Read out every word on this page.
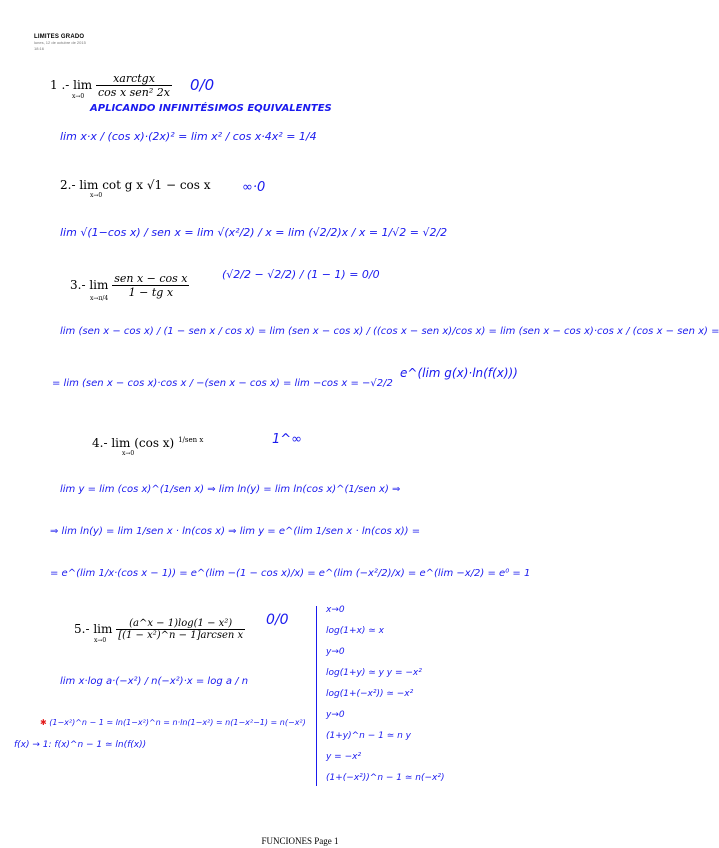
LIMITES GRADO
lunes, 12 de octubre de 2015
18:16
1 .- $\lim \frac{\text{xarctgx}}{\text{cos x sen² 2x}}$
x→0
0/0
APLICANDO INFINITÉSIMOS EQUIVALENTES
lim x·x / (cos x)·(2x)² = lim x² / cos x·4x² = 1/4
2.- lim cot g x √1 − cos x
x→0
∞·0
lim √(1−cos x) / sen x = lim √(x²/2) / x = lim (√2/2)x / x = 1/√2 = √2/2
3.- $\lim \frac{\text{sen x − cos x}}{\text{1 − tg x}}$
x→π/4
(√2/2 − √2/2) / (1 − 1) = 0/0
lim (sen x − cos x) / (1 − sen x / cos x) = lim (sen x − cos x) / ((cos x − sen x)/cos x) = lim (sen x − cos x)·cos x / (cos x − sen x) =
= lim (sen x − cos x)·cos x / −(sen x − cos x) = lim −cos x = −√2/2
e^(lim g(x)·ln(f(x)))
4.- lim (cos x) $^{1/sen x}$
x→0
1^∞
lim y = lim (cos x)^(1/sen x) ⇒ lim ln(y) = lim ln(cos x)^(1/sen x) ⇒
⇒ lim ln(y) = lim 1/sen x · ln(cos x) ⇒ lim y = e^(lim 1/sen x · ln(cos x)) =
= e^(lim 1/x·(cos x − 1)) = e^(lim −(1 − cos x)/x) = e^(lim (−x²/2)/x) = e^(lim −x/2) = e⁰ = 1
5.- $\lim \frac{\text{(a\textasciicircum{}x − 1)log(1 − x²)}}{\text{[(1 − x²)\textasciicircum{}n − 1]arcsen x}}$
x→0
0/0
lim x·log a·(−x²) / n(−x²)·x = log a / n
✱ (1−x²)^n − 1 ≃ ln(1−x²)^n = n·ln(1−x²) ≃ n(1−x²−1) = n(−x²)
f(x) → 1: f(x)^n − 1 ≃ ln(f(x))
x→0
log(1+x) ≃ x
y→0
log(1+y) ≃ y y = −x²
log(1+(−x²)) ≃ −x²
y→0
(1+y)^n − 1 ≃ n y
y = −x²
(1+(−x²))^n − 1 ≃ n(−x²)
FUNCIONES Page 1
